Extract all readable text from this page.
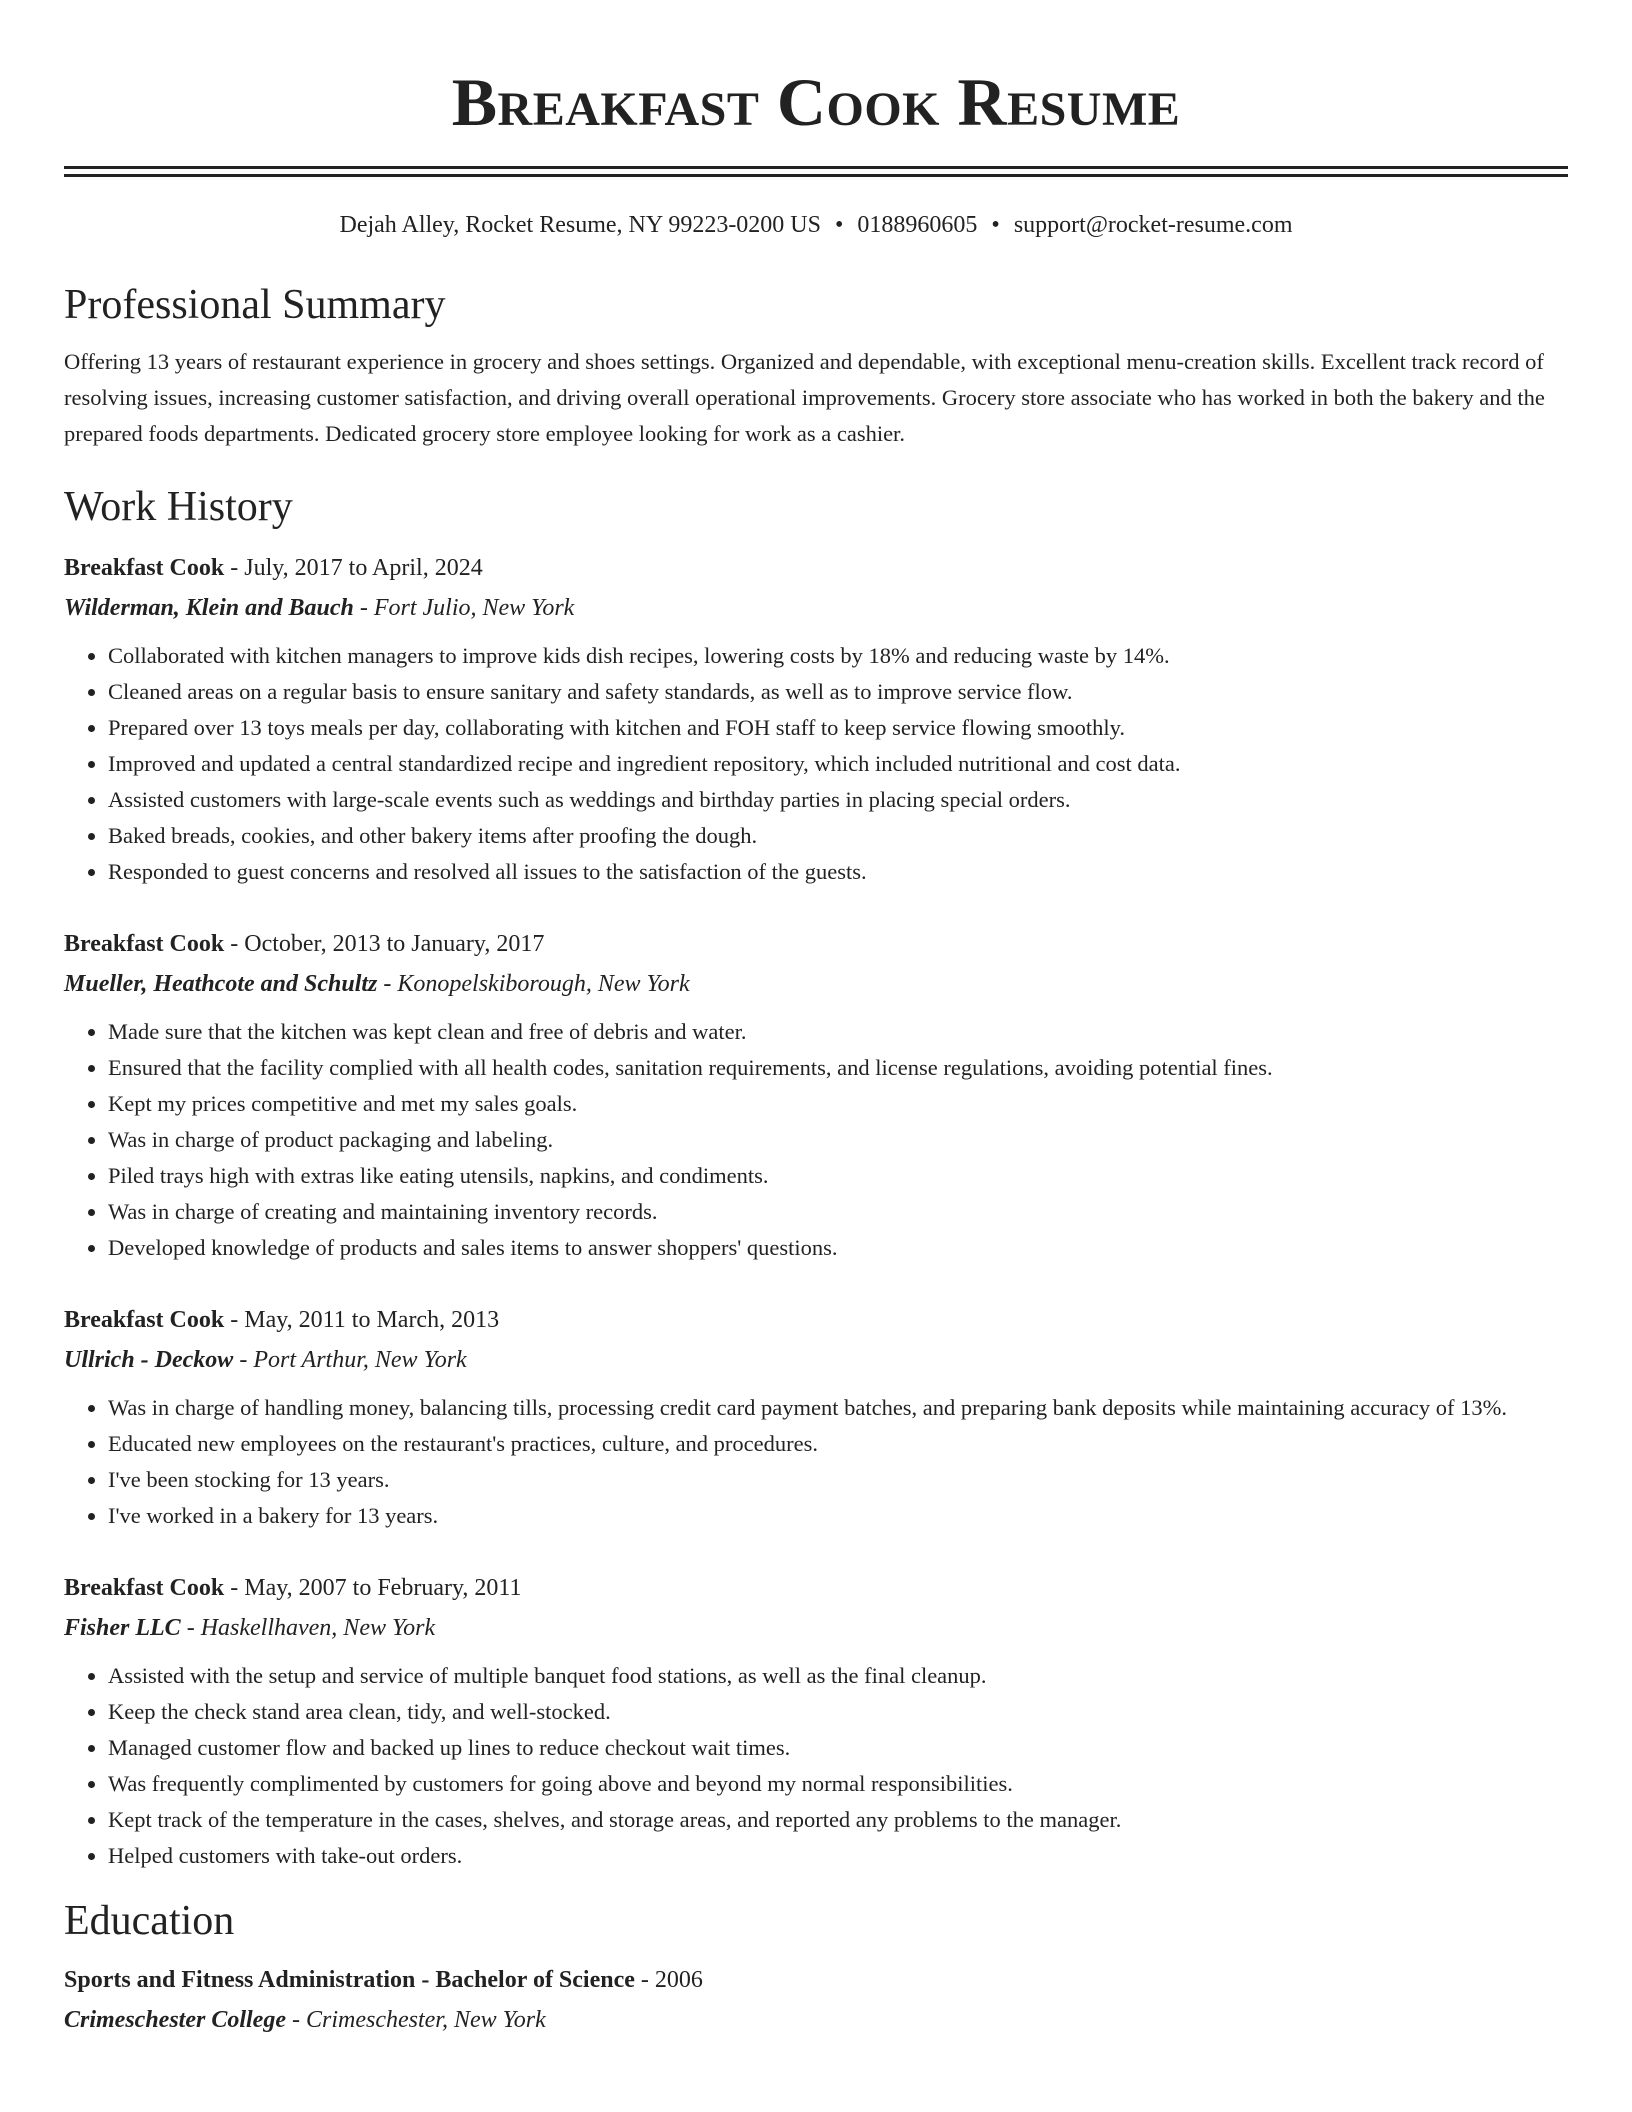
Breakfast Cook Resume
Dejah Alley, Rocket Resume, NY 99223-0200 US • 0188960605 • support@rocket-resume.com
Professional Summary
Offering 13 years of restaurant experience in grocery and shoes settings. Organized and dependable, with exceptional menu-creation skills. Excellent track record of resolving issues, increasing customer satisfaction, and driving overall operational improvements. Grocery store associate who has worked in both the bakery and the prepared foods departments. Dedicated grocery store employee looking for work as a cashier.
Work History
Breakfast Cook - July, 2017 to April, 2024
Wilderman, Klein and Bauch - Fort Julio, New York
• Collaborated with kitchen managers to improve kids dish recipes, lowering costs by 18% and reducing waste by 14%.
• Cleaned areas on a regular basis to ensure sanitary and safety standards, as well as to improve service flow.
• Prepared over 13 toys meals per day, collaborating with kitchen and FOH staff to keep service flowing smoothly.
• Improved and updated a central standardized recipe and ingredient repository, which included nutritional and cost data.
• Assisted customers with large-scale events such as weddings and birthday parties in placing special orders.
• Baked breads, cookies, and other bakery items after proofing the dough.
• Responded to guest concerns and resolved all issues to the satisfaction of the guests.
Breakfast Cook - October, 2013 to January, 2017
Mueller, Heathcote and Schultz - Konopelskiborough, New York
• Made sure that the kitchen was kept clean and free of debris and water.
• Ensured that the facility complied with all health codes, sanitation requirements, and license regulations, avoiding potential fines.
• Kept my prices competitive and met my sales goals.
• Was in charge of product packaging and labeling.
• Piled trays high with extras like eating utensils, napkins, and condiments.
• Was in charge of creating and maintaining inventory records.
• Developed knowledge of products and sales items to answer shoppers' questions.
Breakfast Cook - May, 2011 to March, 2013
Ullrich - Deckow - Port Arthur, New York
• Was in charge of handling money, balancing tills, processing credit card payment batches, and preparing bank deposits while maintaining accuracy of 13%.
• Educated new employees on the restaurant's practices, culture, and procedures.
• I've been stocking for 13 years.
• I've worked in a bakery for 13 years.
Breakfast Cook - May, 2007 to February, 2011
Fisher LLC - Haskellhaven, New York
• Assisted with the setup and service of multiple banquet food stations, as well as the final cleanup.
• Keep the check stand area clean, tidy, and well-stocked.
• Managed customer flow and backed up lines to reduce checkout wait times.
• Was frequently complimented by customers for going above and beyond my normal responsibilities.
• Kept track of the temperature in the cases, shelves, and storage areas, and reported any problems to the manager.
• Helped customers with take-out orders.
Education
Sports and Fitness Administration - Bachelor of Science - 2006
Crimeschester College - Crimeschester, New York
